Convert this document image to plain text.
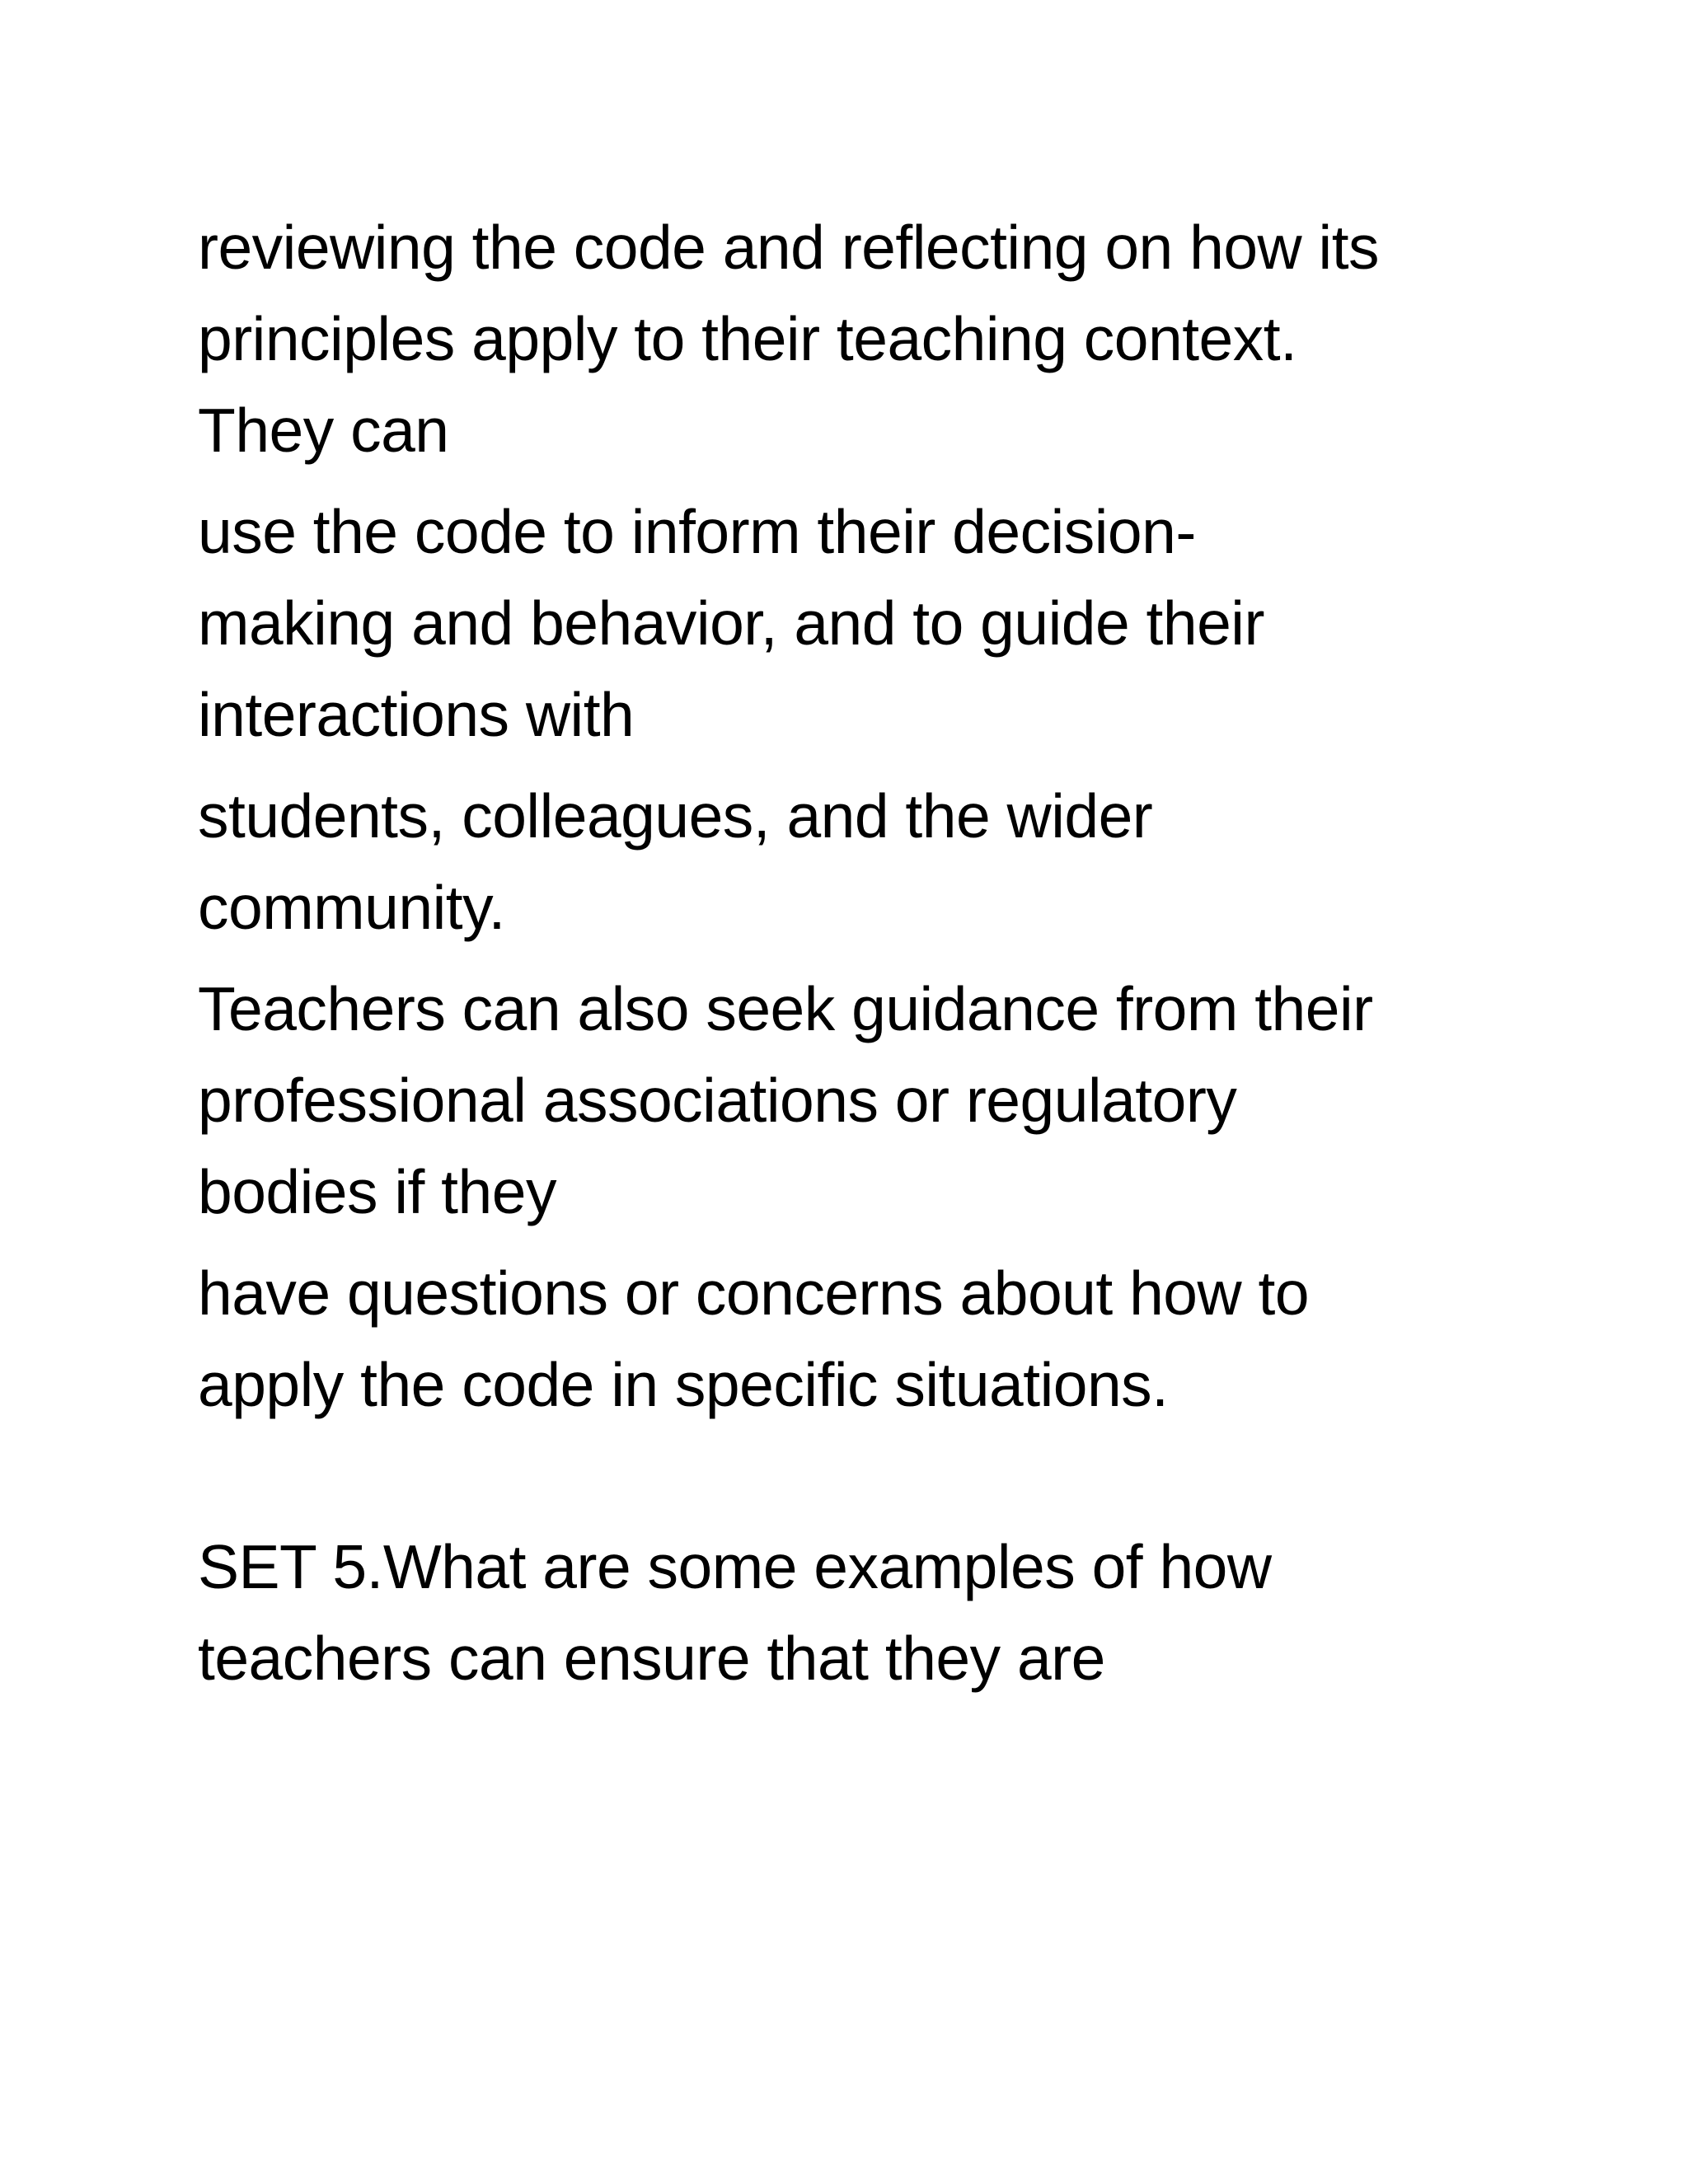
reviewing the code and reflecting on how its
principles apply to their teaching context.
They can

use the code to inform their decision-
making and behavior, and to guide their
interactions with

students, colleagues, and the wider
community.

Teachers can also seek guidance from their
professional associations or regulatory
bodies if they

have questions or concerns about how to
apply the code in specific situations.

SET 5.What are some examples of how
teachers can ensure that they are
